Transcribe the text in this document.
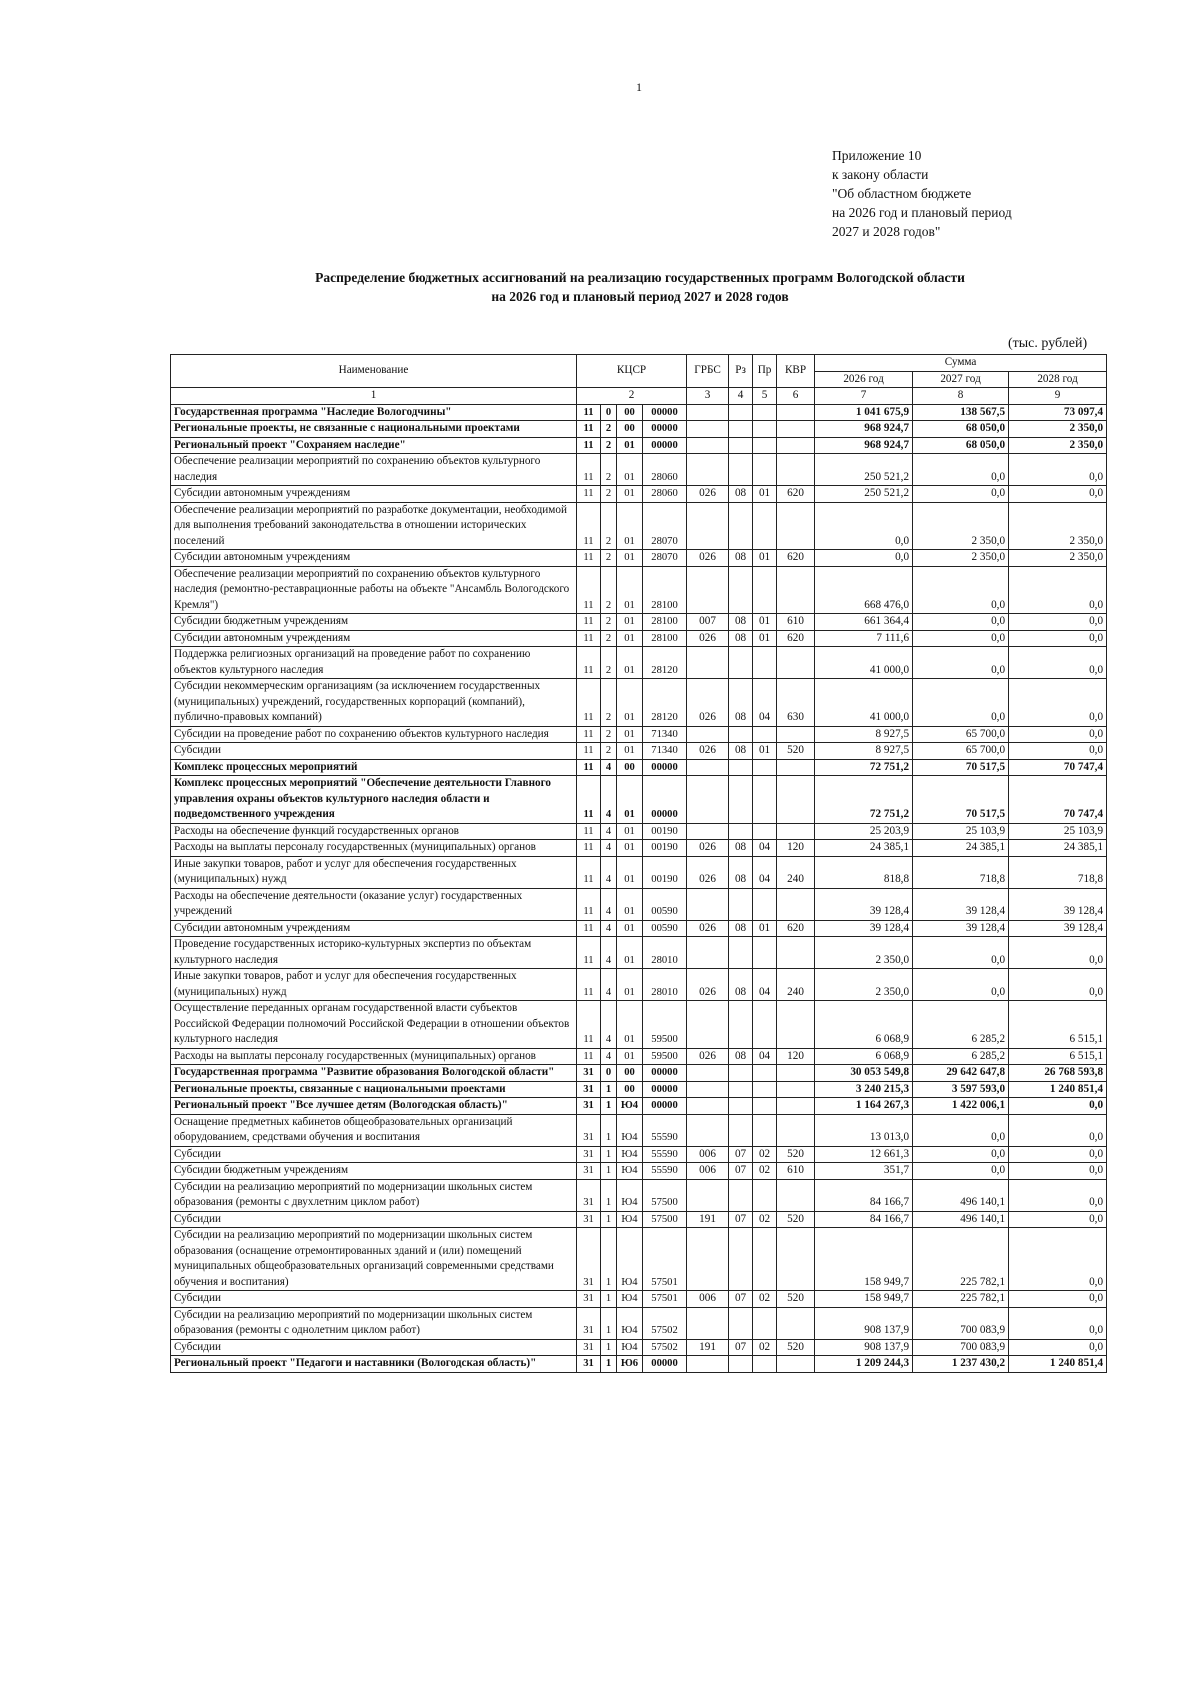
1
Приложение 10
к закону области
"Об областном бюджете
на 2026 год и плановый период
2027 и 2028 годов"
Распределение бюджетных ассигнований на реализацию государственных программ Вологодской области
на 2026 год и плановый период 2027 и 2028 годов
(тыс. рублей)
Наименование	КЦСР				ГРБС	Рз	Пр	КВР	Сумма		
									2026 год	2027 год	2028 год
1	2				3	4	5	6	7	8	9
Государственная программа "Наследие Вологодчины"	11	0	00	00000					1 041 675,9	138 567,5	73 097,4
Региональные проекты, не связанные с национальными проектами	11	2	00	00000					968 924,7	68 050,0	2 350,0
Региональный проект "Сохраняем наследие"	11	2	01	00000					968 924,7	68 050,0	2 350,0
Обеспечение реализации мероприятий по сохранению объектов культурного наследия	11	2	01	28060					250 521,2	0,0	0,0
Субсидии автономным учреждениям	11	2	01	28060	026	08	01	620	250 521,2	0,0	0,0
Обеспечение реализации мероприятий по разработке документации, необходимой для выполнения требований законодательства в отношении исторических поселений	11	2	01	28070					0,0	2 350,0	2 350,0
Субсидии автономным учреждениям	11	2	01	28070	026	08	01	620	0,0	2 350,0	2 350,0
Обеспечение реализации мероприятий по сохранению объектов культурного наследия (ремонтно-реставрационные работы на объекте "Ансамбль Вологодского Кремля")	11	2	01	28100					668 476,0	0,0	0,0
Субсидии бюджетным учреждениям	11	2	01	28100	007	08	01	610	661 364,4	0,0	0,0
Субсидии автономным учреждениям	11	2	01	28100	026	08	01	620	7 111,6	0,0	0,0
Поддержка религиозных организаций на проведение работ по сохранению объектов культурного наследия	11	2	01	28120					41 000,0	0,0	0,0
Субсидии некоммерческим организациям (за исключением государственных (муниципальных) учреждений, государственных корпораций (компаний), публично-правовых компаний)	11	2	01	28120	026	08	04	630	41 000,0	0,0	0,0
Субсидии на проведение работ по сохранению объектов культурного наследия	11	2	01	71340					8 927,5	65 700,0	0,0
Субсидии	11	2	01	71340	026	08	01	520	8 927,5	65 700,0	0,0
Комплекс процессных мероприятий	11	4	00	00000					72 751,2	70 517,5	70 747,4
Комплекс процессных мероприятий "Обеспечение деятельности Главного управления охраны объектов культурного наследия области и подведомственного учреждения	11	4	01	00000					72 751,2	70 517,5	70 747,4
Расходы на обеспечение функций государственных органов	11	4	01	00190					25 203,9	25 103,9	25 103,9
Расходы на выплаты персоналу государственных (муниципальных) органов	11	4	01	00190	026	08	04	120	24 385,1	24 385,1	24 385,1
Иные закупки товаров, работ и услуг для обеспечения государственных (муниципальных) нужд	11	4	01	00190	026	08	04	240	818,8	718,8	718,8
Расходы на обеспечение деятельности (оказание услуг) государственных учреждений	11	4	01	00590					39 128,4	39 128,4	39 128,4
Субсидии автономным учреждениям	11	4	01	00590	026	08	01	620	39 128,4	39 128,4	39 128,4
Проведение государственных историко-культурных экспертиз по объектам культурного наследия	11	4	01	28010					2 350,0	0,0	0,0
Иные закупки товаров, работ и услуг для обеспечения государственных (муниципальных) нужд	11	4	01	28010	026	08	04	240	2 350,0	0,0	0,0
Осуществление переданных органам государственной власти субъектов Российской Федерации полномочий Российской Федерации в отношении объектов культурного наследия	11	4	01	59500					6 068,9	6 285,2	6 515,1
Расходы на выплаты персоналу государственных (муниципальных) органов	11	4	01	59500	026	08	04	120	6 068,9	6 285,2	6 515,1
Государственная программа "Развитие образования Вологодской области"	31	0	00	00000					30 053 549,8	29 642 647,8	26 768 593,8
Региональные проекты, связанные с национальными проектами	31	1	00	00000					3 240 215,3	3 597 593,0	1 240 851,4
Региональный проект "Все лучшее детям (Вологодская область)"	31	1	Ю4	00000					1 164 267,3	1 422 006,1	0,0
Оснащение предметных кабинетов общеобразовательных организаций оборудованием, средствами обучения и воспитания	31	1	Ю4	55590					13 013,0	0,0	0,0
Субсидии	31	1	Ю4	55590	006	07	02	520	12 661,3	0,0	0,0
Субсидии бюджетным учреждениям	31	1	Ю4	55590	006	07	02	610	351,7	0,0	0,0
Субсидии на реализацию мероприятий по модернизации школьных систем образования (ремонты с двухлетним циклом работ)	31	1	Ю4	57500					84 166,7	496 140,1	0,0
Субсидии	31	1	Ю4	57500	191	07	02	520	84 166,7	496 140,1	0,0
Субсидии на реализацию мероприятий по модернизации школьных систем образования (оснащение отремонтированных зданий и (или) помещений муниципальных общеобразовательных организаций современными средствами обучения и воспитания)	31	1	Ю4	57501					158 949,7	225 782,1	0,0
Субсидии	31	1	Ю4	57501	006	07	02	520	158 949,7	225 782,1	0,0
Субсидии на реализацию мероприятий по модернизации школьных систем образования (ремонты с однолетним циклом работ)	31	1	Ю4	57502					908 137,9	700 083,9	0,0
Субсидии	31	1	Ю4	57502	191	07	02	520	908 137,9	700 083,9	0,0
Региональный проект "Педагоги и наставники (Вологодская область)"	31	1	Ю6	00000					1 209 244,3	1 237 430,2	1 240 851,4
